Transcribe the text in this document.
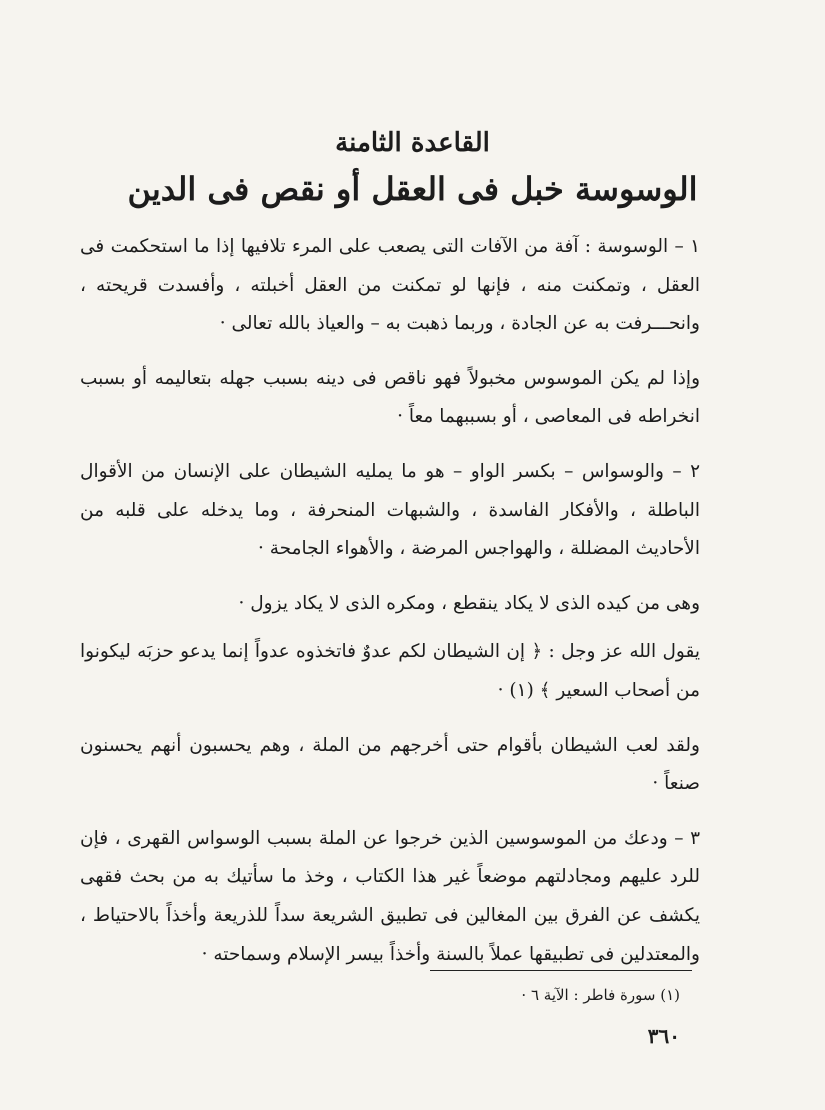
القاعدة الثامنة
الوسوسة خبل فى العقل أو نقص فى الدين

١ – الوسوسة : آفة من الآفات التى يصعب على المرء تلافيها إذا ما استحكمت فى العقل ، وتمكنت منه ، فإنها لو تمكنت من العقل أخبلته ، وأفسدت قريحته ، وانحـــرفت به عن الجادة ، وربما ذهبت به – والعياذ بالله تعالى ·

وإذا لم يكن الموسوس مخبولاً فهو ناقص فى دينه بسبب جهله بتعاليمه أو بسبب انخراطه فى المعاصى ، أو بسببهما معاً ·

٢ – والوسواس – بكسر الواو – هو ما يمليه الشيطان على الإنسان من الأقوال الباطلة ، والأفكار الفاسدة ، والشبهات المنحرفة ، وما يدخله على قلبه من الأحاديث المضللة ، والهواجس المرضة ، والأهواء الجامحة ·

وهى من كيده الذى لا يكاد ينقطع ، ومكره الذى لا يكاد يزول ·

يقول الله عز وجل : ﴿ إن الشيطان لكم عدوٌ فاتخذوه عدواً إنما يدعو حزبَه ليكونوا من أصحاب السعير ﴾ (١) ·

ولقد لعب الشيطان بأقوام حتى أخرجهم من الملة ، وهم يحسبون أنهم يحسنون صنعاً ·

٣ – ودعك من الموسوسين الذين خرجوا عن الملة بسبب الوسواس القهرى ، فإن للرد عليهم ومجادلتهم موضعاً غير هذا الكتاب ، وخذ ما سأتيك به من بحث فقهى يكشف عن الفرق بين المغالين فى تطبيق الشريعة سداً للذريعة وأخذاً بالاحتياط ، والمعتدلين فى تطبيقها عملاً بالسنة وأخذاً بيسر الإسلام وسماحته ·

(١) سورة فاطر : الآية ٦ ·
٣٦٠
